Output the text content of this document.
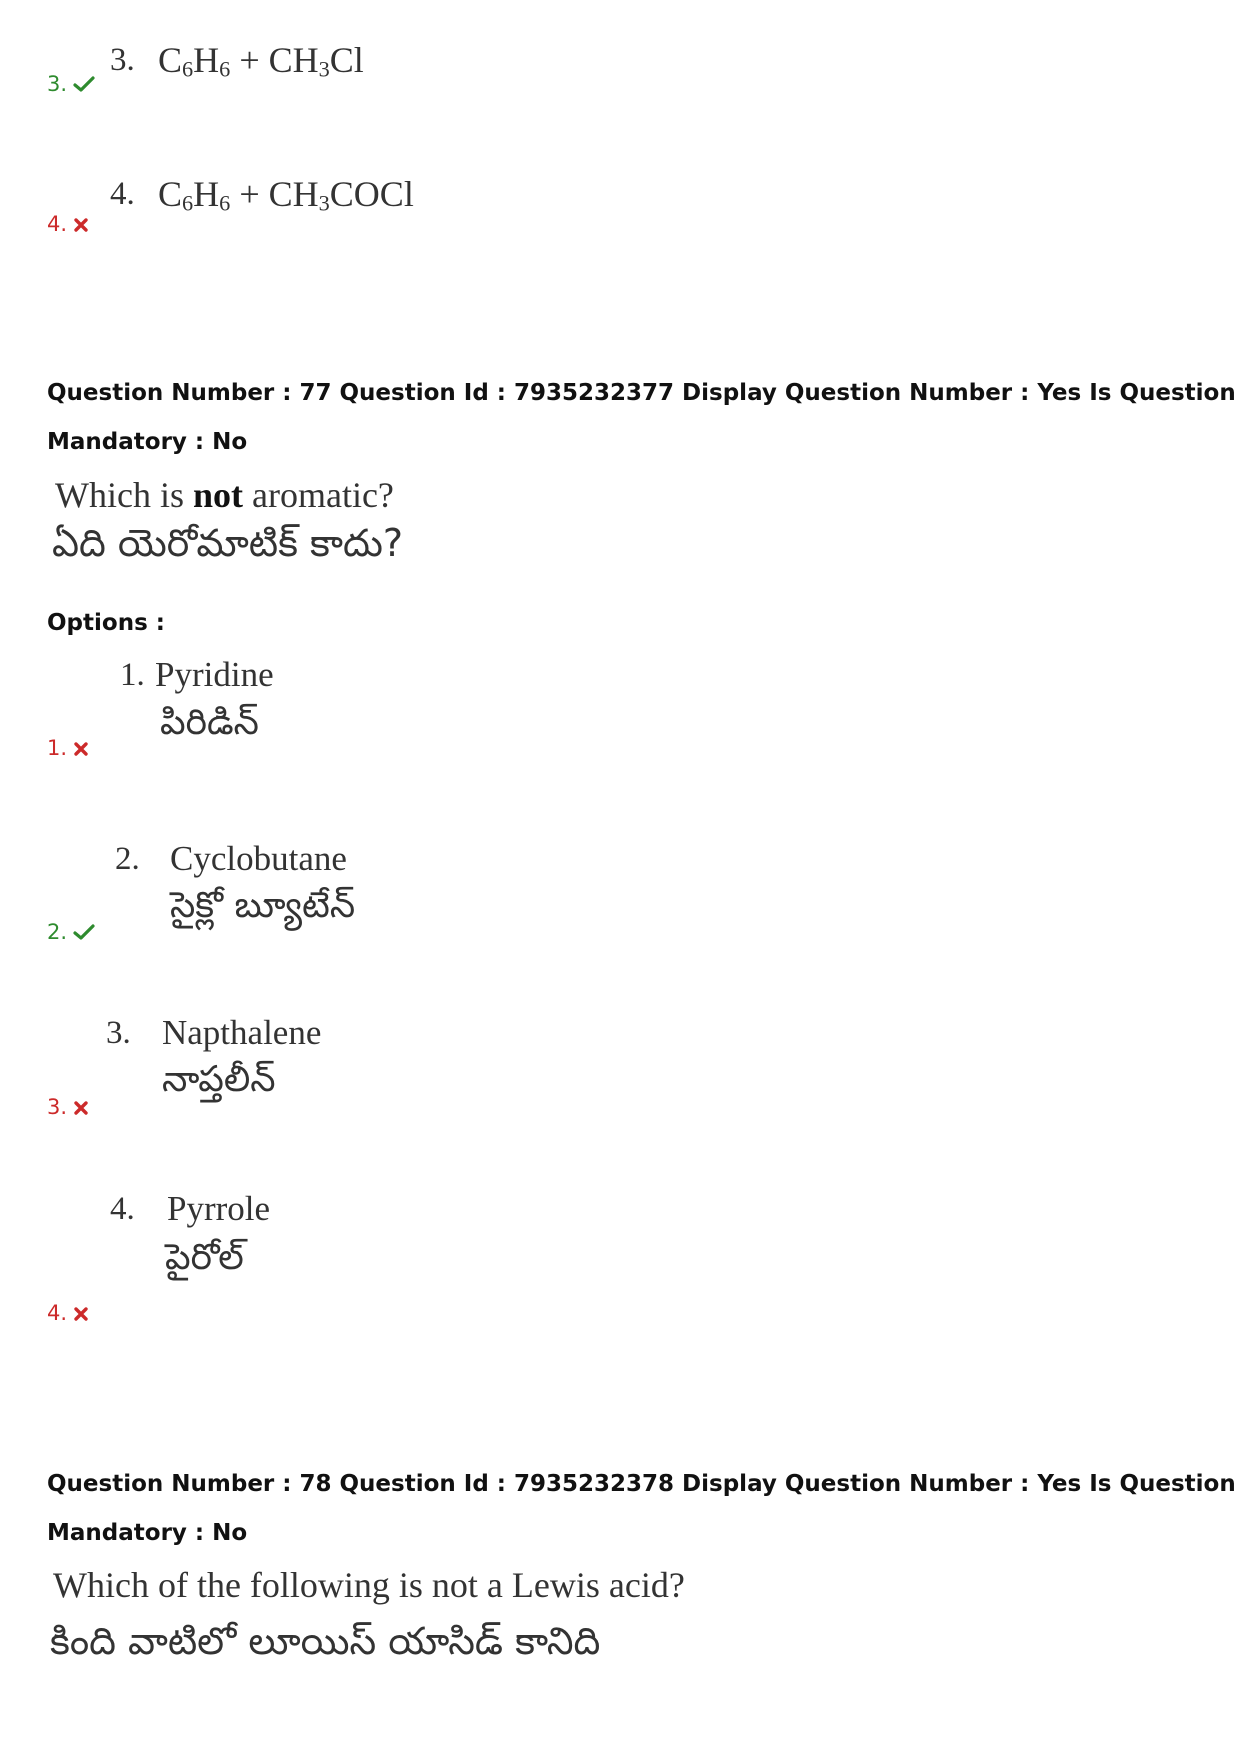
3. $C_6H_6 + CH_3Cl$
3.
4. $C_6H_6$ + $CH_3COCl$
4.
Question Number : 77 Question Id : 7935232377 Display Question Number : Yes Is Question
Mandatory : No
Which is not aromatic?
ఏది యెరోమాటిక్ కాదు?
Options :
1. Pyridine
పిరిడిన్
1.
2. Cyclobutane
సైక్లో బ్యూటేన్
2.
3. Napthalene
నాప్తలీన్
3.
4. Pyrrole
పైరోల్
4.
Question Number : 78 Question Id : 7935232378 Display Question Number : Yes Is Question
Mandatory : No
Which of the following is not a Lewis acid?
కింది వాటిలో లూయిస్ యాసిడ్ కానిది
